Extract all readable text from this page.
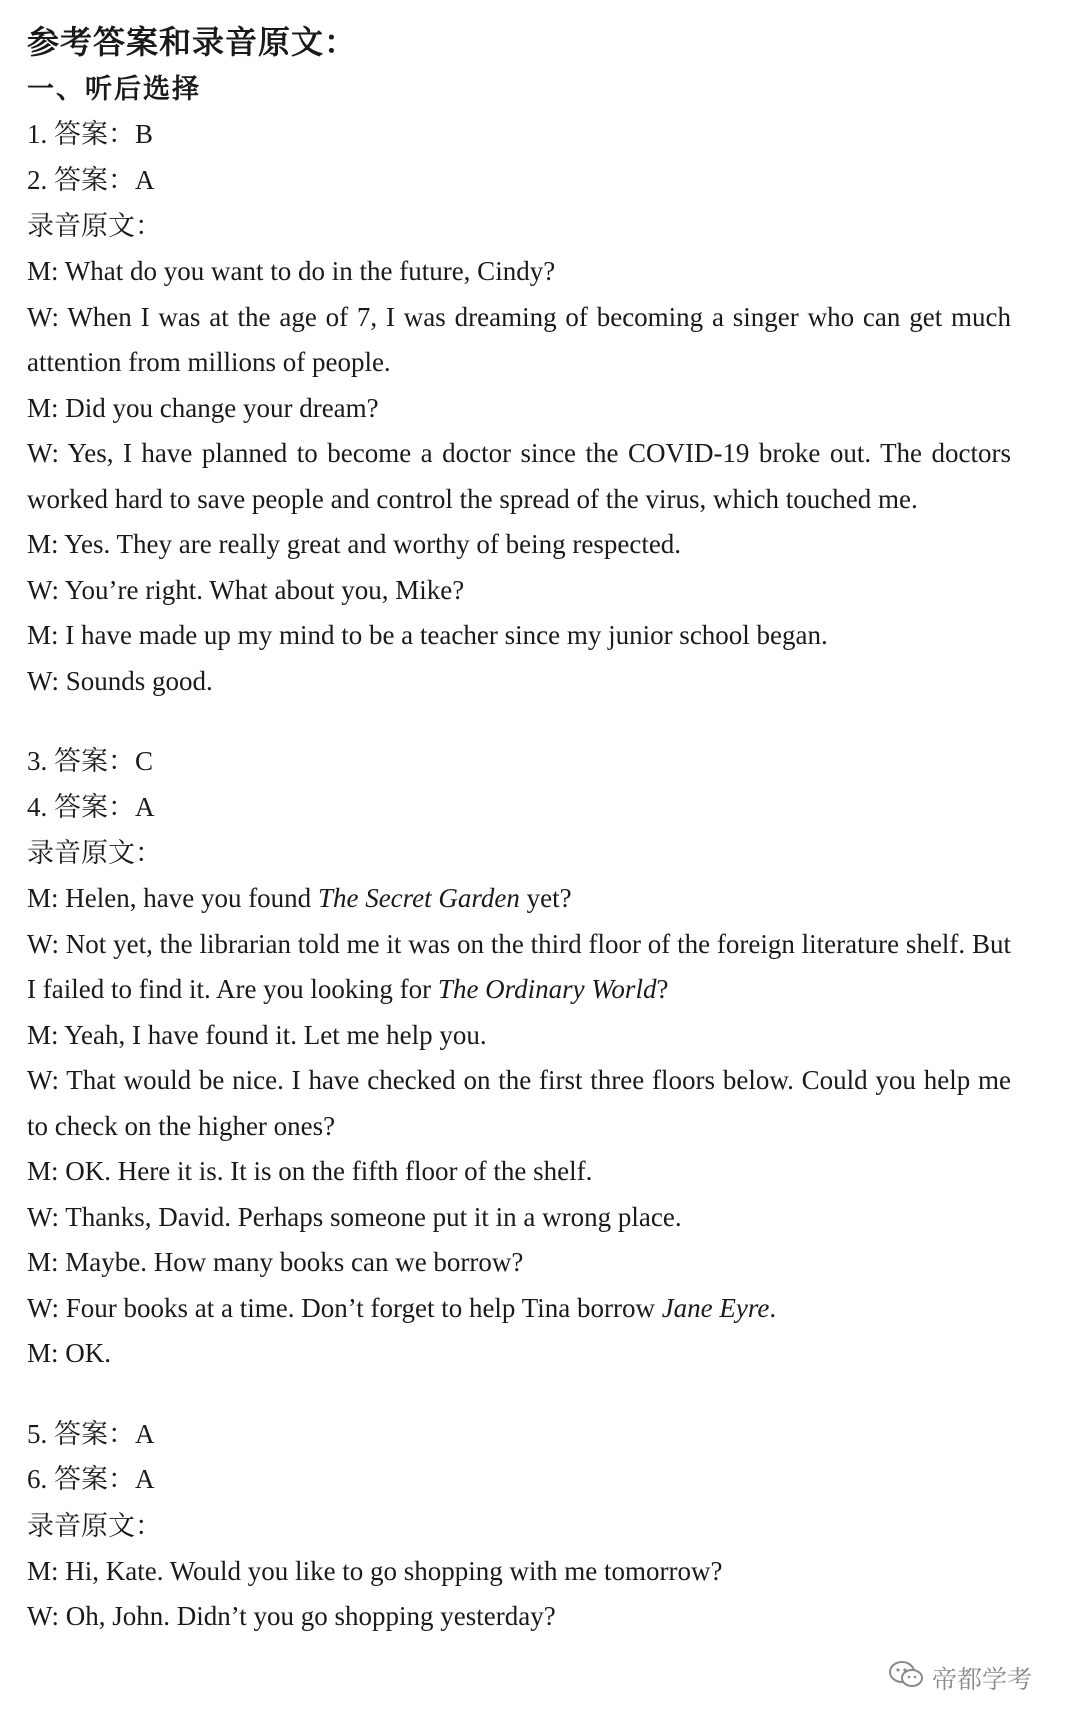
参考答案和录音原文：
一、听后选择
1. 答案：B
2. 答案：A
录音原文：

M: What do you want to do in the future, Cindy?

W: When I was at the age of 7, I was dreaming of becoming a singer who can get much attention from millions of people.

M: Did you change your dream?

W: Yes, I have planned to become a doctor since the COVID-19 broke out. The doctors worked hard to save people and control the spread of the virus, which touched me.

M: Yes. They are really great and worthy of being respected.

W: You’re right. What about you, Mike?

M: I have made up my mind to be a teacher since my junior school began.

W: Sounds good.

3. 答案：C
4. 答案：A
录音原文：

M: Helen, have you found The Secret Garden yet?

W: Not yet, the librarian told me it was on the third floor of the foreign literature shelf. But I failed to find it. Are you looking for The Ordinary World?

M: Yeah, I have found it. Let me help you.

W: That would be nice. I have checked on the first three floors below. Could you help me to check on the higher ones?

M: OK. Here it is. It is on the fifth floor of the shelf.

W: Thanks, David. Perhaps someone put it in a wrong place.

M: Maybe. How many books can we borrow?

W: Four books at a time. Don’t forget to help Tina borrow Jane Eyre.

M: OK.

5. 答案：A
6. 答案：A
录音原文：

M: Hi, Kate. Would you like to go shopping with me tomorrow?

W: Oh, John. Didn’t you go shopping yesterday?

帝都学考
